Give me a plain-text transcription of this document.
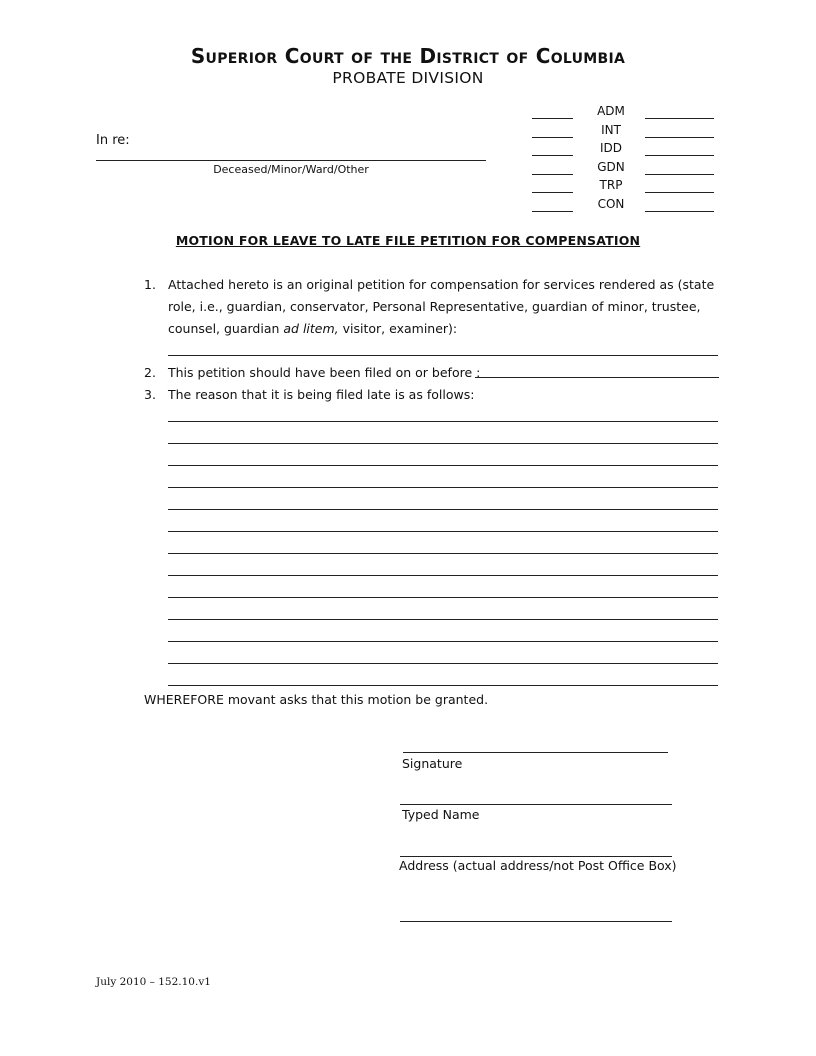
Superior Court of the District of Columbia
PROBATE DIVISION
In re:
Deceased/Minor/Ward/Other
ADM
INT
IDD
GDN
TRP
CON
MOTION FOR LEAVE TO LATE FILE PETITION FOR COMPENSATION
1. Attached hereto is an original petition for compensation for services rendered as (state
role, i.e., guardian, conservator, Personal Representative, guardian of minor, trustee,
counsel, guardian ad litem, visitor, examiner):
2. This petition should have been filed on or before :
3. The reason that it is being filed late is as follows:
WHEREFORE movant asks that this motion be granted.
Signature
Typed Name
Address (actual address/not Post Office Box)
July 2010 – 152.10.v1
